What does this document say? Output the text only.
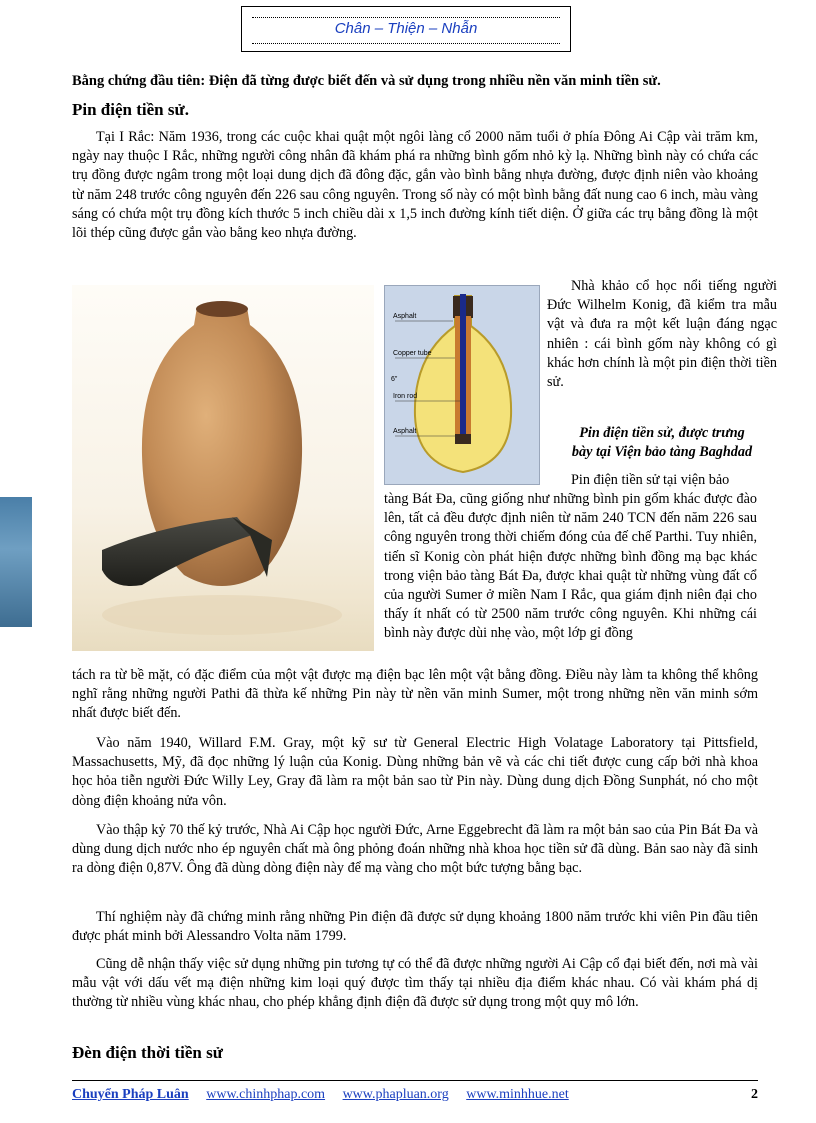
Chân – Thiện – Nhẫn
Bằng chứng đầu tiên: Điện đã từng được biết đến và sử dụng trong nhiều nền văn minh tiền sử.
Pin điện tiền sử.

Tại I Rắc: Năm 1936, trong các cuộc khai quật một ngôi làng cổ 2000 năm tuổi ở phía Đông Ai Cập vài trăm km, ngày nay thuộc I Rắc, những người công nhân đã khám phá ra những bình gốm nhỏ kỳ lạ. Những bình này có chứa các trụ đồng được ngâm trong một loại dung dịch đã đông đặc, gắn vào bình bằng nhựa đường, được định niên vào khoảng từ năm 248 trước công nguyên đến 226 sau công nguyên. Trong số này có một bình bằng đất nung cao 6 inch, màu vàng sáng có chứa một trụ đồng kích thước 5 inch chiều dài x 1,5 inch đường kính tiết diện. Ở giữa các trụ bằng đồng là một lõi thép cũng được gắn vào bằng keo nhựa đường.

Asphalt
Copper tube
6"
Iron rod
Asphalt

Nhà khảo cổ học nổi tiếng người Đức Wilhelm Konig, đã kiểm tra mẫu vật và đưa ra một kết luận đáng ngạc nhiên : cái bình gốm này không có gì khác hơn chính là một pin điện thời tiền sử.

Pin điện tiền sử, được trưng
bày tại Viện bảo tàng Baghdad

Pin điện tiền sử tại viện bảo

tàng Bát Đa, cũng giống như những bình pin gốm khác được đào lên, tất cả đều được định niên từ năm 240 TCN đến năm 226 sau công nguyên trong thời chiếm đóng của đế chế Parthi. Tuy nhiên, tiến sĩ Konig còn phát hiện được những bình đồng mạ bạc khác trong viện bảo tàng Bát Đa, được khai quật từ những vùng đất cổ của người Sumer ở miền Nam I Rắc, qua giám định niên đại cho thấy ít nhất có từ 2500 năm trước công nguyên. Khi những cái bình này được dùi nhẹ vào, một lớp gỉ đồng

tách ra từ bề mặt, có đặc điểm của một vật được mạ điện bạc lên một vật bằng đồng. Điều này làm ta không thể không nghĩ rằng những người Pathi đã thừa kế những Pin này từ nền văn minh Sumer, một trong những nền văn minh sớm nhất được biết đến.

Vào năm 1940, Willard F.M. Gray, một kỹ sư từ General Electric High Volatage Laboratory tại Pittsfield, Massachusetts, Mỹ, đã đọc những lý luận của Konig. Dùng những bản vẽ và các chi tiết được cung cấp bởi nhà khoa học hỏa tiễn người Đức Willy Ley, Gray đã làm ra một bản sao từ Pin này. Dùng dung dịch Đồng Sunphát, nó cho một dòng điện khoảng nửa vôn.

Vào thập kỷ 70 thế kỷ trước, Nhà Ai Cập học người Đức, Arne Eggebrecht đã làm ra một bản sao của Pin Bát Đa và dùng dung dịch nước nho ép nguyên chất mà ông phỏng đoán những nhà khoa học tiền sử đã dùng. Bản sao này đã sinh ra dòng điện 0,87V. Ông đã dùng dòng điện này để mạ vàng cho một bức tượng bằng bạc.

Thí nghiệm này đã chứng minh rằng những Pin điện đã được sử dụng khoảng 1800 năm trước khi viên Pin đầu tiên được phát minh bởi Alessandro Volta năm 1799.

Cũng dễ nhận thấy việc sử dụng những pin tương tự có thể đã được những người Ai Cập cổ đại biết đến, nơi mà vài mẫu vật với dấu vết mạ điện những kim loại quý được tìm thấy tại nhiều địa điểm khác nhau. Có vài khám phá dị thường từ nhiều vùng khác nhau, cho phép khẳng định điện đã được sử dụng trong một quy mô lớn.

Đèn điện thời tiền sử
Chuyển Pháp Luân www.chinhphap.com www.phapluan.org www.minhhue.net	2
